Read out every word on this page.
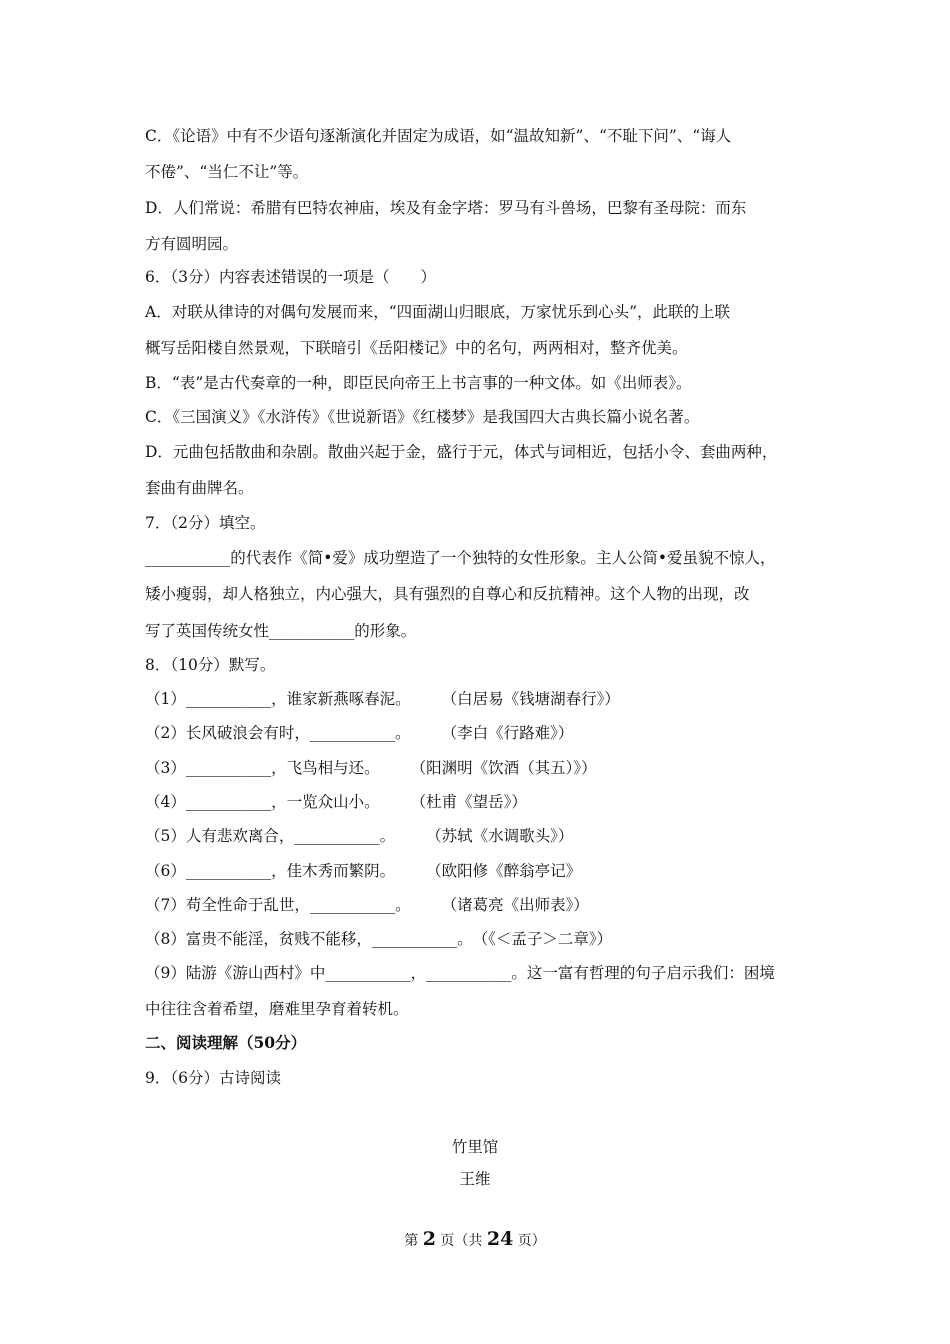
C．《论语》中有不少语句逐渐演化并固定为成语，如“温故知新”、“不耻下问”、“诲人
不倦”、“当仁不让”等。
D．人们常说：希腊有巴特农神庙，埃及有金字塔：罗马有斗兽场，巴黎有圣母院：而东
方有圆明园。
6．（3分）内容表述错误的一项是（　　）
A．对联从律诗的对偶句发展而来，“四面湖山归眼底，万家忧乐到心头”，此联的上联
概写岳阳楼自然景观，下联暗引《岳阳楼记》中的名句，两两相对，整齐优美。
B．“表”是古代奏章的一种，即臣民向帝王上书言事的一种文体。如《出师表》。
C．《三国演义》《水浒传》《世说新语》《红楼梦》是我国四大古典长篇小说名著。
D．元曲包括散曲和杂剧。散曲兴起于金，盛行于元，体式与词相近，包括小令、套曲两种，
套曲有曲牌名。
7．（2分）填空。
___________的代表作《简•爱》成功塑造了一个独特的女性形象。主人公简•爱虽貌不惊人，
矮小瘦弱，却人格独立，内心强大，具有强烈的自尊心和反抗精神。这个人物的出现，改
写了英国传统女性___________的形象。
8．（10分）默写。
（1）___________，谁家新燕啄春泥。　　　（白居易《钱塘湖春行》）
（2）长风破浪会有时，___________。　　　（李白《行路难》）
（3）___________，飞鸟相与还。　　　（阳渊明《饮酒（其五）》）
（4）___________，一览众山小。　　　（杜甫《望岳》）
（5）人有悲欢离合，___________。　　　（苏轼《水调歌头》）
（6）___________，佳木秀而繁阴。　　　（欧阳修《醉翁亭记》
（7）苟全性命于乱世，___________。　　　（诸葛亮《出师表》）
（8）富贵不能淫，贫贱不能移，___________。　（《＜孟子＞二章》）
（9）陆游《游山西村》中___________，___________。这一富有哲理的句子启示我们：困境
中往往含着希望，磨难里孕育着转机。
二、阅读理解（50分）
9．（6分）古诗阅读
竹里馆
王维
第 2 页（共 24 页）
